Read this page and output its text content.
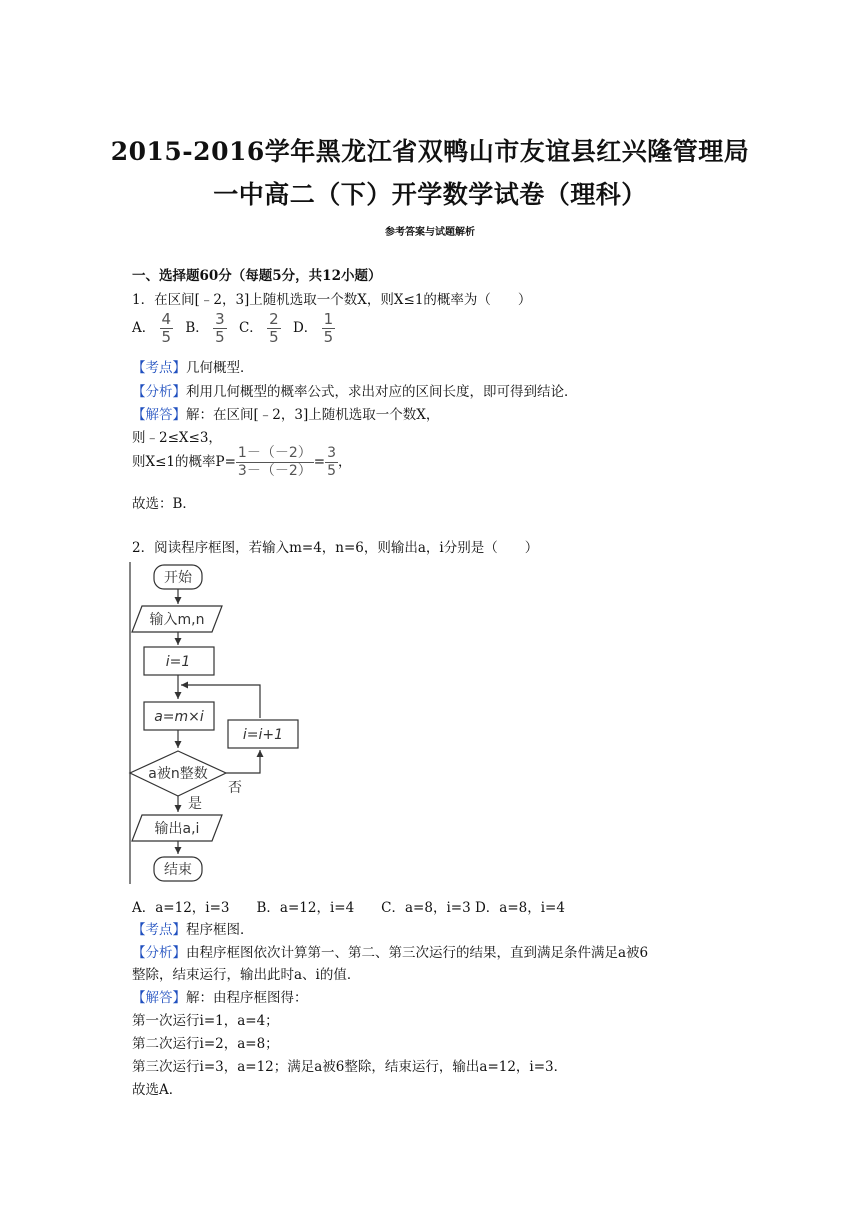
2015-2016学年黑龙江省双鸭山市友谊县红兴隆管理局
一中高二（下）开学数学试卷（理科）
参考答案与试题解析
一、选择题60分（每题5分，共12小题）
1．在区间[﹣2，3]上随机选取一个数X，则X≤1的概率为（　　）
A． $\frac{4}{5}$ B． $\frac{3}{5}$ C． $\frac{2}{5}$ D． $\frac{1}{5}$
【考点】几何概型．
【分析】利用几何概型的概率公式，求出对应的区间长度，即可得到结论．
【解答】解：在区间[﹣2，3]上随机选取一个数X，
则﹣2≤X≤3，
则X≤1的概率$P= \frac{1-(-2)}{3-(-2)} = \frac{3}{5}$ ，
故选：B．
2．阅读程序框图，若输入m=4，n=6，则输出a，i分别是（　　）
开始
输入m,n
i=1
a=m×i
a被n整数
否
i=i+1
是
输出a,i
结束
A．a=12，i=3　　B．a=12，i=4　　C．a=8，i=3 D．a=8，i=4
【考点】程序框图．
【分析】由程序框图依次计算第一、第二、第三次运行的结果，直到满足条件满足a被6
整除，结束运行，输出此时a、i的值．
【解答】解：由程序框图得：
第一次运行i=1，a=4；
第二次运行i=2，a=8；
第三次运行i=3，a=12；满足a被6整除，结束运行，输出a=12，i=3．
故选A．
